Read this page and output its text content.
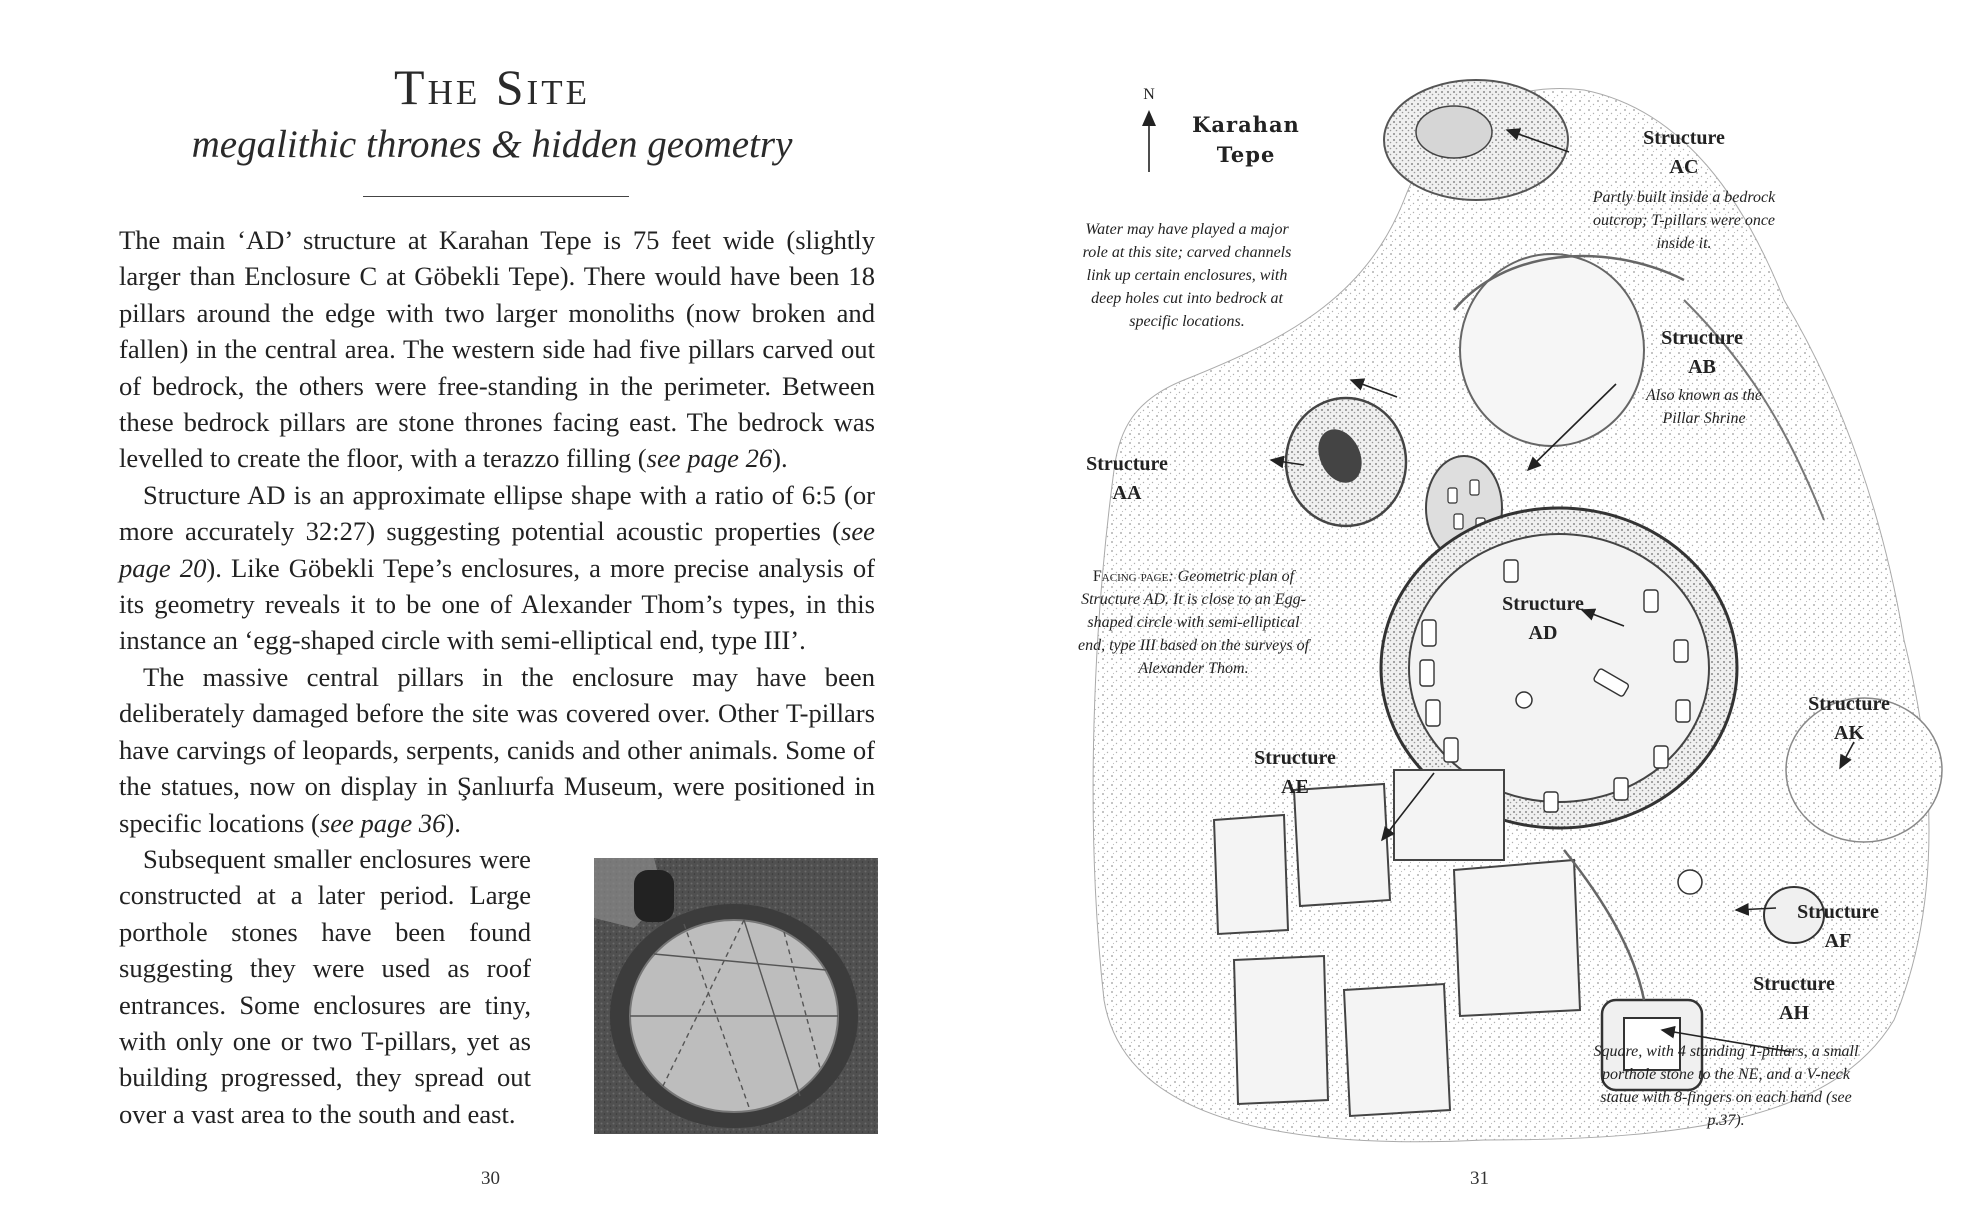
The Site
megalithic thrones & hidden geometry

The main ‘AD’ structure at Karahan Tepe is 75 feet wide (slightly larger than Enclosure C at Göbekli Tepe). There would have been 18 pillars around the edge with two larger monoliths (now broken and fallen) in the central area. The western side had five pillars carved out of bedrock, the others were free-standing in the perimeter. Between these bedrock pillars are stone thrones facing east. The bedrock was levelled to create the floor, with a terazzo filling (see page 26).

Structure AD is an approximate ellipse shape with a ratio of 6:5 (or more accurately 32:27) suggesting potential acoustic properties (see page 20). Like Göbekli Tepe’s enclosures, a more precise analysis of its geometry reveals it to be one of Alexander Thom’s types, in this instance an ‘egg-shaped circle with semi-elliptical end, type III’.

The massive central pillars in the enclosure may have been deliberately damaged before the site was covered over. Other T-pillars have carvings of leopards, serpents, canids and other animals. Some of the statues, now on display in Şanlıurfa Museum, were positioned in specific locations (see page 36).

Subsequent smaller enclosures were constructed at a later period. Large porthole stones have been found suggesting they were used as roof entrances. Some enclosures are tiny, with only one or two T-pillars, yet as building progressed, they spread out over a vast area to the south and east.

30
Karahan Tepe
N
Water may have played a major role at this site; carved channels link up certain enclosures, with deep holes cut into bedrock at specific locations.
Facing page: Geometric plan of Structure AD. It is close to an Egg-shaped circle with semi-elliptical end, type III based on the surveys of Alexander Thom.
Structure
AC
Partly built inside a bedrock outcrop; T-pillars were once inside it.
Structure
AB
Also known as the Pillar Shrine
Structure
AA
Structure
AD
Structure
AK
Structure
AE
Structure
AF
Structure
AH
Square, with 4 standing T-pillars, a small porthole stone to the NE, and a V-neck statue with 8-fingers on each hand (see p.37).
31
